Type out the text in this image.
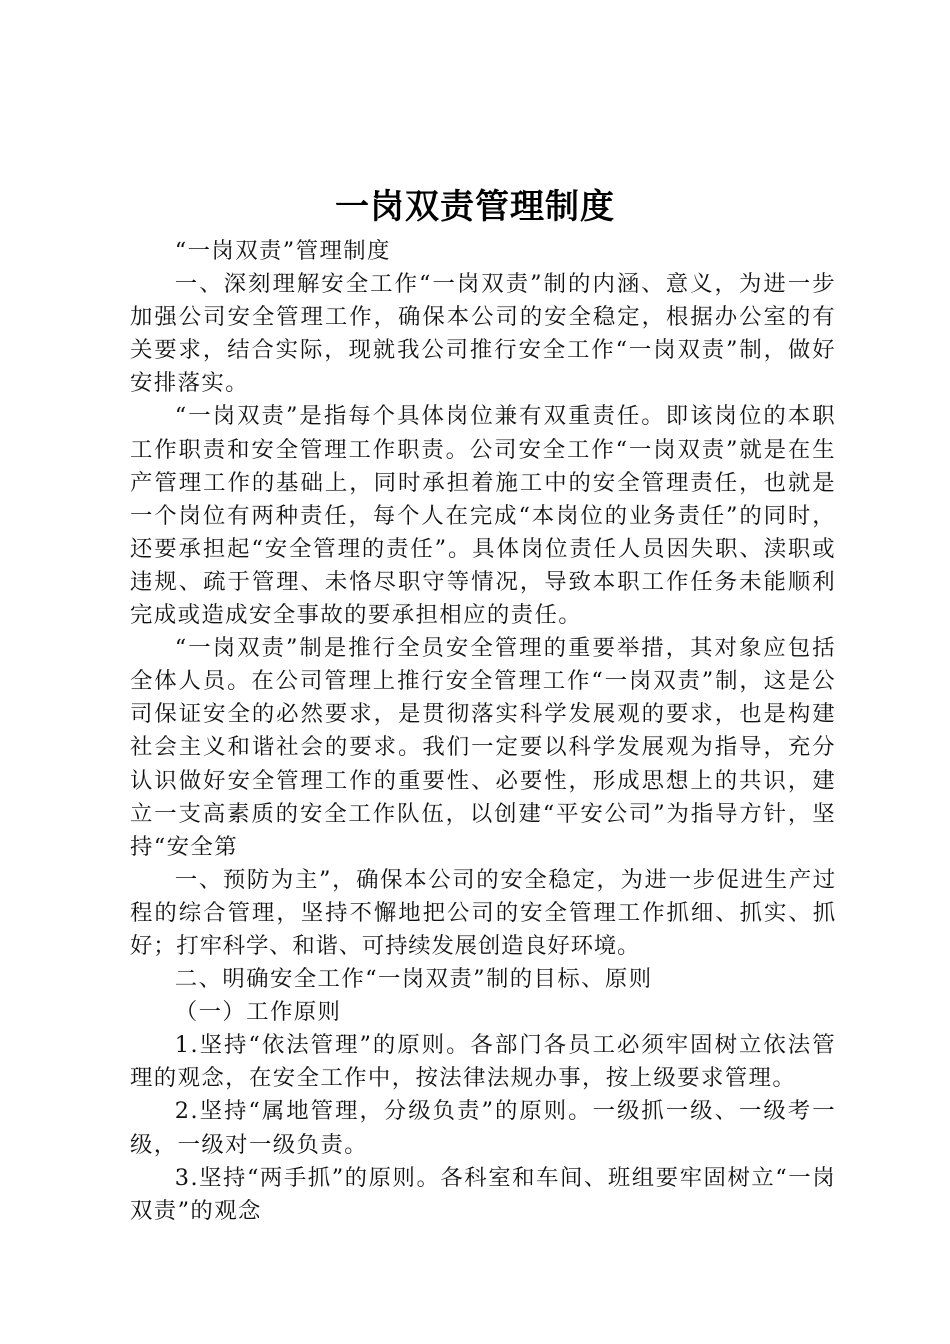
一岗双责管理制度

“一岗双责”管理制度

一、深刻理解安全工作“一岗双责”制的内涵、意义，为进一步加强公司安全管理工作，确保本公司的安全稳定，根据办公室的有关要求，结合实际，现就我公司推行安全工作“一岗双责”制，做好安排落实。

“一岗双责”是指每个具体岗位兼有双重责任。即该岗位的本职工作职责和安全管理工作职责。公司安全工作“一岗双责”就是在生产管理工作的基础上，同时承担着施工中的安全管理责任，也就是一个岗位有两种责任，每个人在完成“本岗位的业务责任”的同时，还要承担起“安全管理的责任”。具体岗位责任人员因失职、渎职或违规、疏于管理、未恪尽职守等情况，导致本职工作任务未能顺利完成或造成安全事故的要承担相应的责任。

“一岗双责”制是推行全员安全管理的重要举措，其对象应包括全体人员。在公司管理上推行安全管理工作“一岗双责”制，这是公司保证安全的必然要求，是贯彻落实科学发展观的要求，也是构建社会主义和谐社会的要求。我们一定要以科学发展观为指导，充分认识做好安全管理工作的重要性、必要性，形成思想上的共识，建立一支高素质的安全工作队伍，以创建“平安公司”为指导方针，坚持“安全第

一、预防为主”，确保本公司的安全稳定，为进一步促进生产过程的综合管理，坚持不懈地把公司的安全管理工作抓细、抓实、抓好；打牢科学、和谐、可持续发展创造良好环境。

二、明确安全工作“一岗双责”制的目标、原则

（一）工作原则

1.坚持“依法管理”的原则。各部门各员工必须牢固树立依法管理的观念，在安全工作中，按法律法规办事，按上级要求管理。

2.坚持“属地管理，分级负责”的原则。一级抓一级、一级考一级，一级对一级负责。

3.坚持“两手抓”的原则。各科室和车间、班组要牢固树立“一岗双责”的观念
